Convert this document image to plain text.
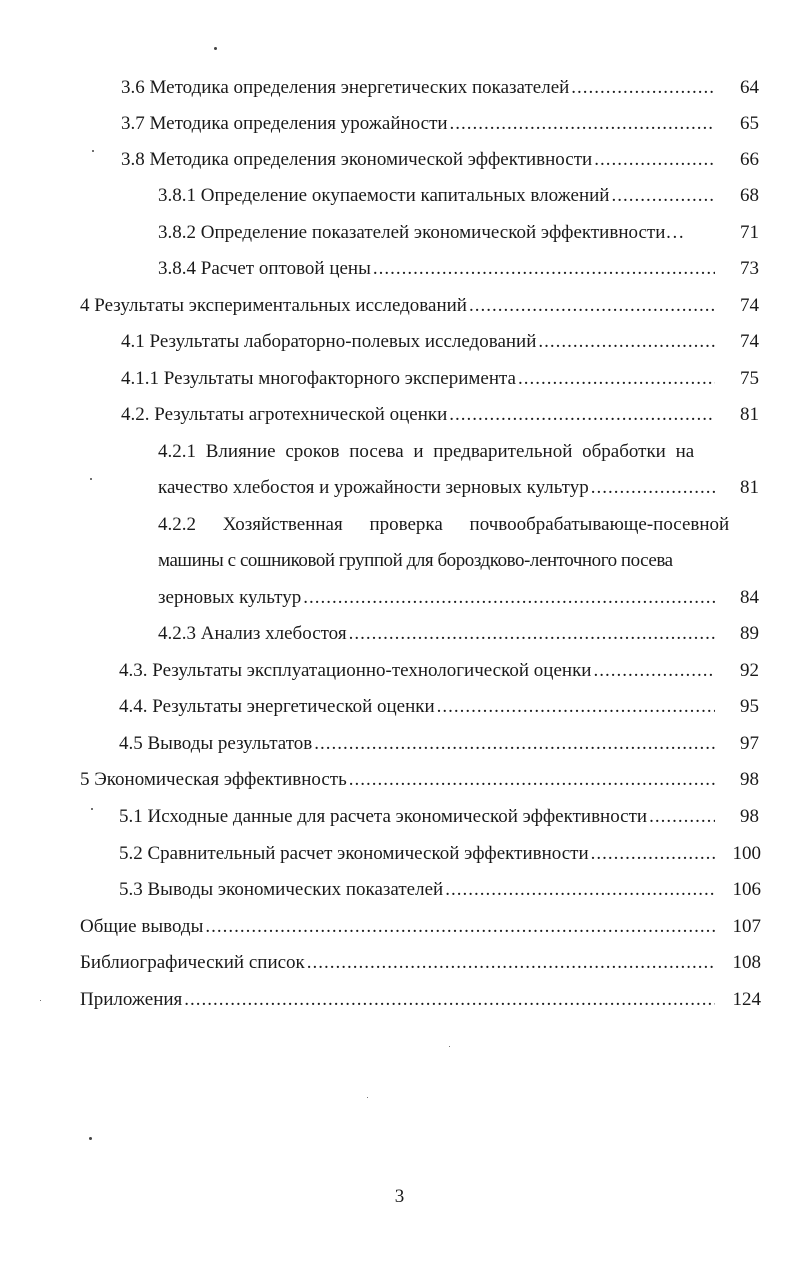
3.6 Методика определения энергетических показателей .....	64
3.7 Методика определения урожайности .....	65
3.8 Методика определения экономической эффективности .....	66
3.8.1 Определение окупаемости капитальных вложений .....	68
3.8.2 Определение показателей экономической эффективности…	71
3.8.4 Расчет оптовой цены .....	73
4 Результаты экспериментальных исследований .....	74
4.1 Результаты лабораторно-полевых исследований .....	74
4.1.1 Результаты многофакторного эксперимента .....	75
4.2. Результаты агротехнической оценки .....	81
4.2.1 Влияние сроков посева и предварительной обработки на
качество хлебостоя и урожайности зерновых культур .....	81
4.2.2 Хозяйственная проверка почвообрабатывающе-посевной
машины с сошниковой группой для бороздково-ленточного посева
зерновых культур .....	84
4.2.3 Анализ хлебостоя .....	89
4.3. Результаты эксплуатационно-технологической оценки .....	92
4.4. Результаты энергетической оценки .....	95
4.5 Выводы результатов .....	97
5 Экономическая эффективность .....	98
5.1 Исходные данные для расчета экономической эффективности .....	98
5.2 Сравнительный расчет экономической эффективности .....	100
5.3 Выводы экономических показателей .....	106
Общие выводы .....	107
Библиографический список .....	108
Приложения .....	124
3
